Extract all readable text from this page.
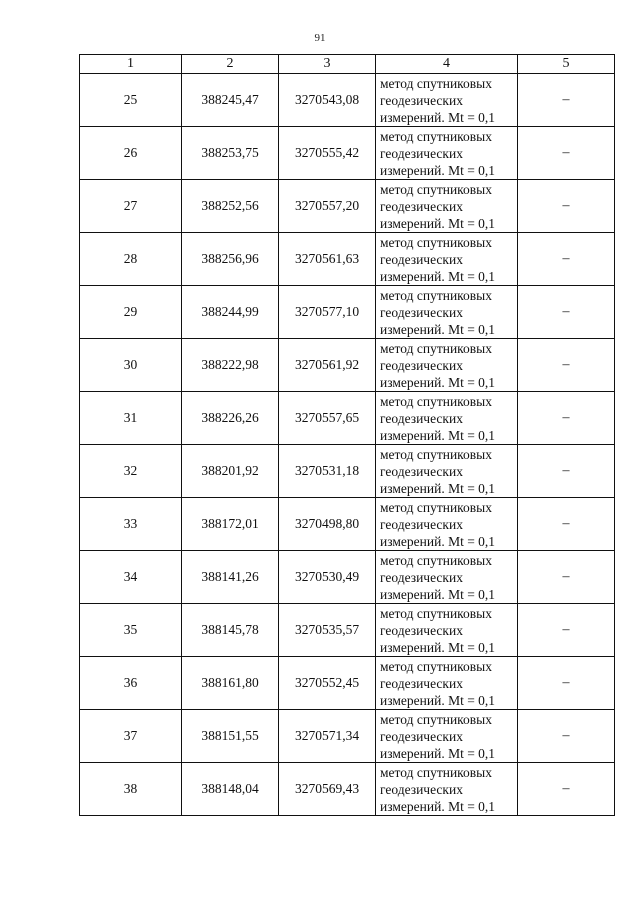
91
1	2	3	4	5
25	388245,47	3270543,08	метод спутниковых
геодезических
измерений. Mt = 0,1	–
26	388253,75	3270555,42	метод спутниковых
геодезических
измерений. Mt = 0,1	–
27	388252,56	3270557,20	метод спутниковых
геодезических
измерений. Mt = 0,1	–
28	388256,96	3270561,63	метод спутниковых
геодезических
измерений. Mt = 0,1	–
29	388244,99	3270577,10	метод спутниковых
геодезических
измерений. Mt = 0,1	–
30	388222,98	3270561,92	метод спутниковых
геодезических
измерений. Mt = 0,1	–
31	388226,26	3270557,65	метод спутниковых
геодезических
измерений. Mt = 0,1	–
32	388201,92	3270531,18	метод спутниковых
геодезических
измерений. Mt = 0,1	–
33	388172,01	3270498,80	метод спутниковых
геодезических
измерений. Mt = 0,1	–
34	388141,26	3270530,49	метод спутниковых
геодезических
измерений. Mt = 0,1	–
35	388145,78	3270535,57	метод спутниковых
геодезических
измерений. Mt = 0,1	–
36	388161,80	3270552,45	метод спутниковых
геодезических
измерений. Mt = 0,1	–
37	388151,55	3270571,34	метод спутниковых
геодезических
измерений. Mt = 0,1	–
38	388148,04	3270569,43	метод спутниковых
геодезических
измерений. Mt = 0,1	–
